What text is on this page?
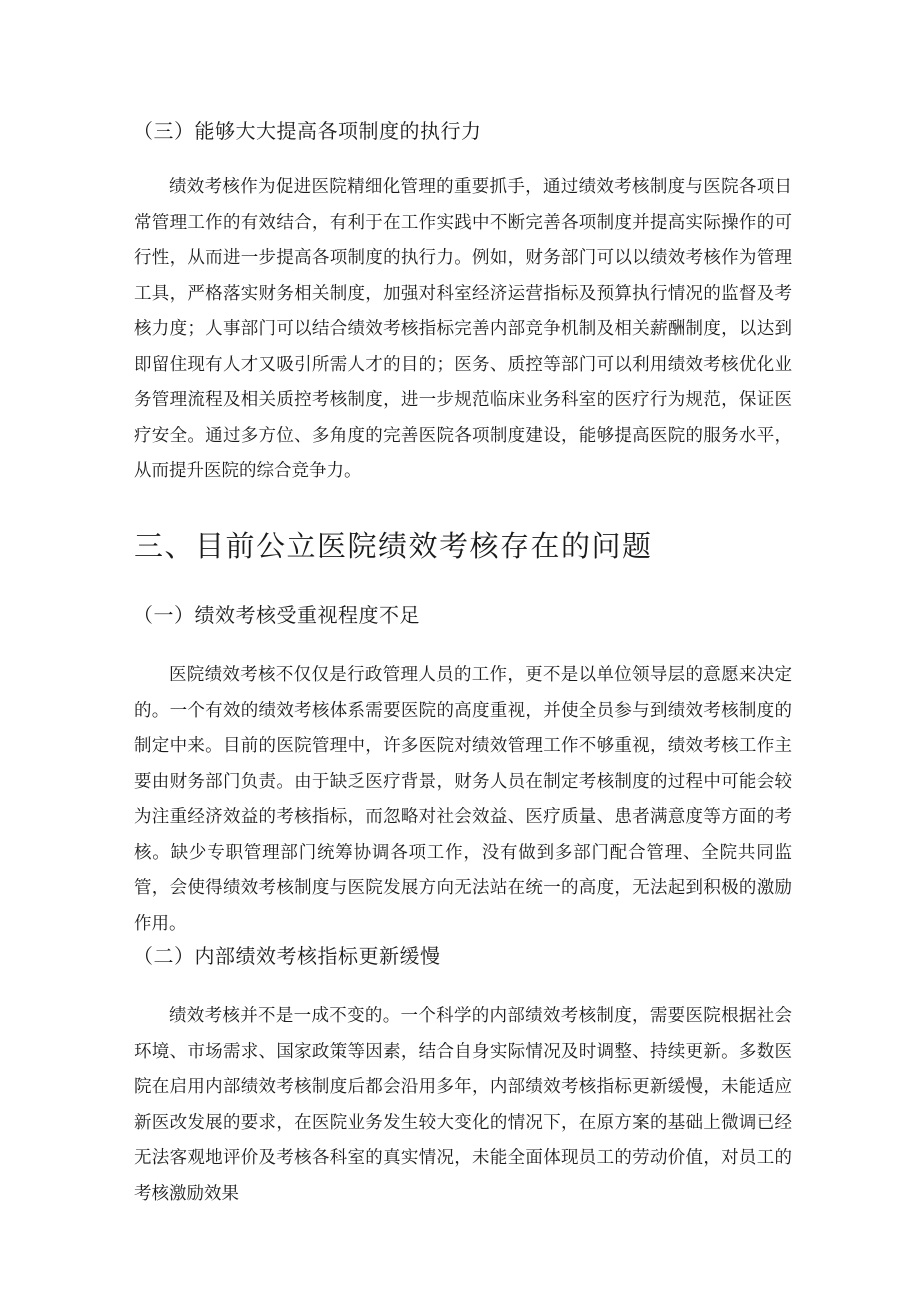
（三）能够大大提高各项制度的执行力

绩效考核作为促进医院精细化管理的重要抓手，通过绩效考核制度与医院各项日常管理工作的有效结合，有利于在工作实践中不断完善各项制度并提高实际操作的可行性，从而进一步提高各项制度的执行力。例如，财务部门可以以绩效考核作为管理工具，严格落实财务相关制度，加强对科室经济运营指标及预算执行情况的监督及考核力度；人事部门可以结合绩效考核指标完善内部竞争机制及相关薪酬制度，以达到即留住现有人才又吸引所需人才的目的；医务、质控等部门可以利用绩效考核优化业务管理流程及相关质控考核制度，进一步规范临床业务科室的医疗行为规范，保证医疗安全。通过多方位、多角度的完善医院各项制度建设，能够提高医院的服务水平，从而提升医院的综合竞争力。

三、目前公立医院绩效考核存在的问题
（一）绩效考核受重视程度不足

医院绩效考核不仅仅是行政管理人员的工作，更不是以单位领导层的意愿来决定的。一个有效的绩效考核体系需要医院的高度重视，并使全员参与到绩效考核制度的制定中来。目前的医院管理中，许多医院对绩效管理工作不够重视，绩效考核工作主要由财务部门负责。由于缺乏医疗背景，财务人员在制定考核制度的过程中可能会较为注重经济效益的考核指标，而忽略对社会效益、医疗质量、患者满意度等方面的考核。缺少专职管理部门统筹协调各项工作，没有做到多部门配合管理、全院共同监管，会使得绩效考核制度与医院发展方向无法站在统一的高度，无法起到积极的激励作用。

（二）内部绩效考核指标更新缓慢

绩效考核并不是一成不变的。一个科学的内部绩效考核制度，需要医院根据社会环境、市场需求、国家政策等因素，结合自身实际情况及时调整、持续更新。多数医院在启用内部绩效考核制度后都会沿用多年，内部绩效考核指标更新缓慢，未能适应新医改发展的要求，在医院业务发生较大变化的情况下，在原方案的基础上微调已经无法客观地评价及考核各科室的真实情况，未能全面体现员工的劳动价值，对员工的考核激励效果
